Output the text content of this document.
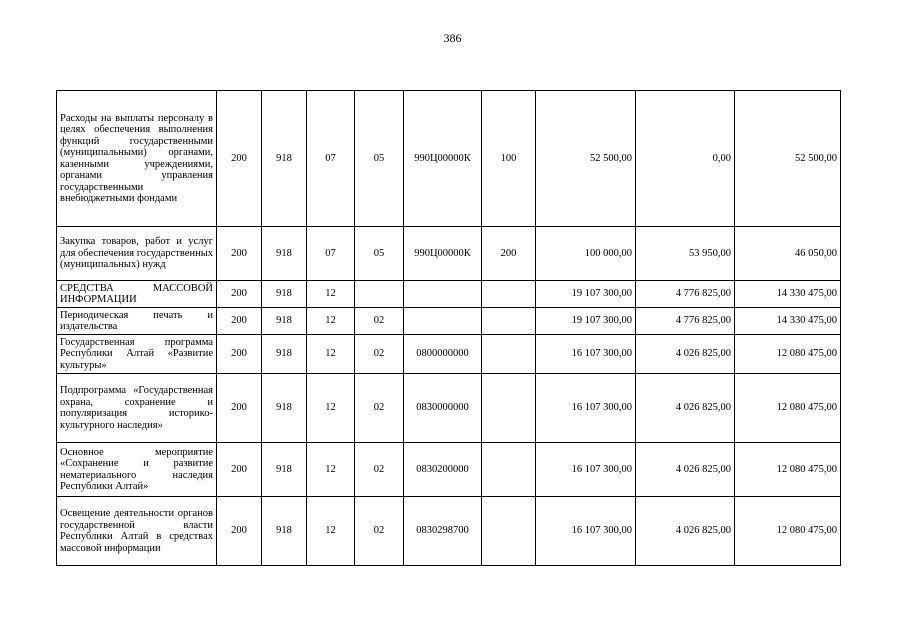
386
Расходы на выплаты персоналу в целях обеспечения выполнения функций государственными (муниципальными) органами, казенными учреждениями, органами управления государственными внебюджетными фондами	200	918	07	05	990Ц00000К	100	52 500,00	0,00	52 500,00
Закупка товаров, работ и услуг для обеспечения государственных (муниципальных) нужд	200	918	07	05	990Ц00000К	200	100 000,00	53 950,00	46 050,00
СРЕДСТВА МАССОВОЙ ИНФОРМАЦИИ	200	918	12				19 107 300,00	4 776 825,00	14 330 475,00
Периодическая печать и издательства	200	918	12	02			19 107 300,00	4 776 825,00	14 330 475,00
Государственная программа Республики Алтай «Развитие культуры»	200	918	12	02	0800000000		16 107 300,00	4 026 825,00	12 080 475,00
Подпрограмма «Государственная охрана, сохранение и популяризация историко-культурного наследия»	200	918	12	02	0830000000		16 107 300,00	4 026 825,00	12 080 475,00
Основное мероприятие «Сохранение и развитие нематериального наследия Республики Алтай»	200	918	12	02	0830200000		16 107 300,00	4 026 825,00	12 080 475,00
Освещение деятельности органов государственной власти Республики Алтай в средствах массовой информации	200	918	12	02	0830298700		16 107 300,00	4 026 825,00	12 080 475,00
